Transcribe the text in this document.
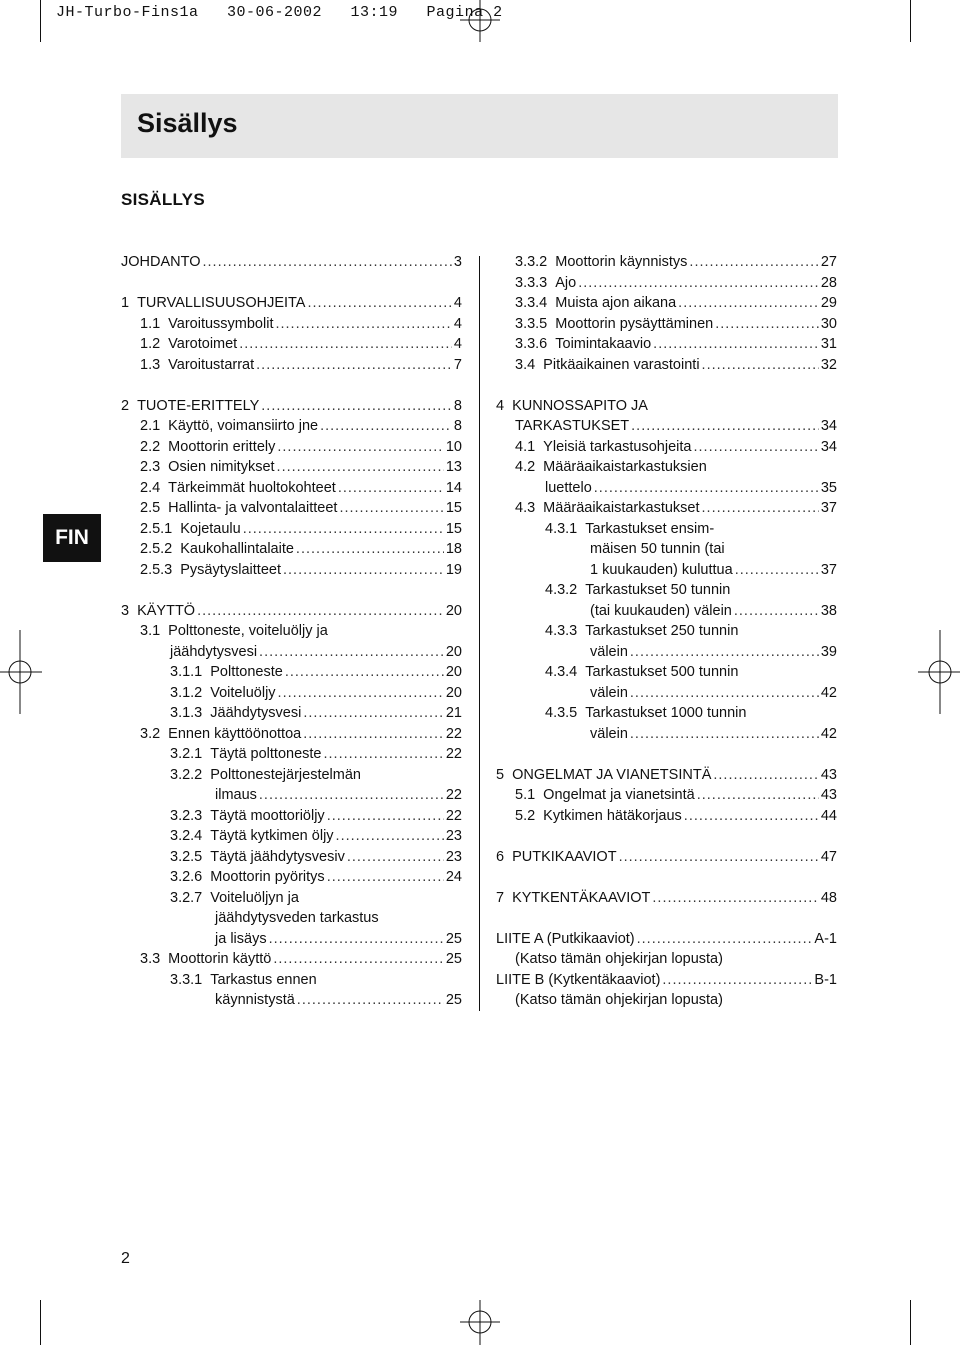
JH-Turbo-Fins1a   30-06-2002   13:19   Pagina 2
Sisällys
SISÄLLYS
FIN
JOHDANTO .....	3
1 TURVALLISUUSOHJEITA .....	4
1.1 Varoitussymbolit .....	4
1.2 Varotoimet .....	4
1.3 Varoitustarrat .....	7
2 TUOTE-ERITTELY .....	8
2.1 Käyttö, voimansiirto jne .....	8
2.2 Moottorin erittely .....	10
2.3 Osien nimitykset .....	13
2.4 Tärkeimmät huoltokohteet .....	14
2.5 Hallinta- ja valvontalaitteet .....	15
2.5.1 Kojetaulu .....	15
2.5.2 Kaukohallintalaite .....	18
2.5.3 Pysäytyslaitteet .....	19
3 KÄYTTÖ .....	20
3.1 Polttoneste, voiteluöljy ja
jäähdytysvesi .....	20
3.1.1 Polttoneste .....	20
3.1.2 Voiteluöljy .....	20
3.1.3 Jäähdytysvesi .....	21
3.2 Ennen käyttöönottoa .....	22
3.2.1 Täytä polttoneste .....	22
3.2.2 Polttonestejärjestelmän
ilmaus .....	22
3.2.3 Täytä moottoriöljy .....	22
3.2.4 Täytä kytkimen öljy .....	23
3.2.5 Täytä jäähdytysvesiv .....	23
3.2.6 Moottorin pyöritys .....	24
3.2.7 Voiteluöljyn ja
jäähdytysveden tarkastus
ja lisäys .....	25
3.3 Moottorin käyttö .....	25
3.3.1 Tarkastus ennen
käynnistystä .....	25
3.3.2 Moottorin käynnistys .....	27
3.3.3 Ajo .....	28
3.3.4 Muista ajon aikana .....	29
3.3.5 Moottorin pysäyttäminen .....	30
3.3.6 Toimintakaavio .....	31
3.4 Pitkäaikainen varastointi .....	32
4 KUNNOSSAPITO JA
TARKASTUKSET .....	34
4.1 Yleisiä tarkastusohjeita .....	34
4.2 Määräaikaistarkastuksien
luettelo .....	35
4.3 Määräaikaistarkastukset .....	37
4.3.1 Tarkastukset ensim-
mäisen 50 tunnin (tai
1 kuukauden) kuluttua .....	37
4.3.2 Tarkastukset 50 tunnin
(tai kuukauden) välein .....	38
4.3.3 Tarkastukset 250 tunnin
välein .....	39
4.3.4 Tarkastukset 500 tunnin
välein .....	42
4.3.5 Tarkastukset 1000 tunnin
välein .....	42
5 ONGELMAT JA VIANETSINTÄ .....	43
5.1 Ongelmat ja vianetsintä .....	43
5.2 Kytkimen hätäkorjaus .....	44
6 PUTKIKAAVIOT .....	47
7 KYTKENTÄKAAVIOT .....	48
LIITE A (Putkikaaviot) .....	A-1
(Katso tämän ohjekirjan lopusta)
LIITE B (Kytkentäkaaviot) .....	B-1
(Katso tämän ohjekirjan lopusta)
2
